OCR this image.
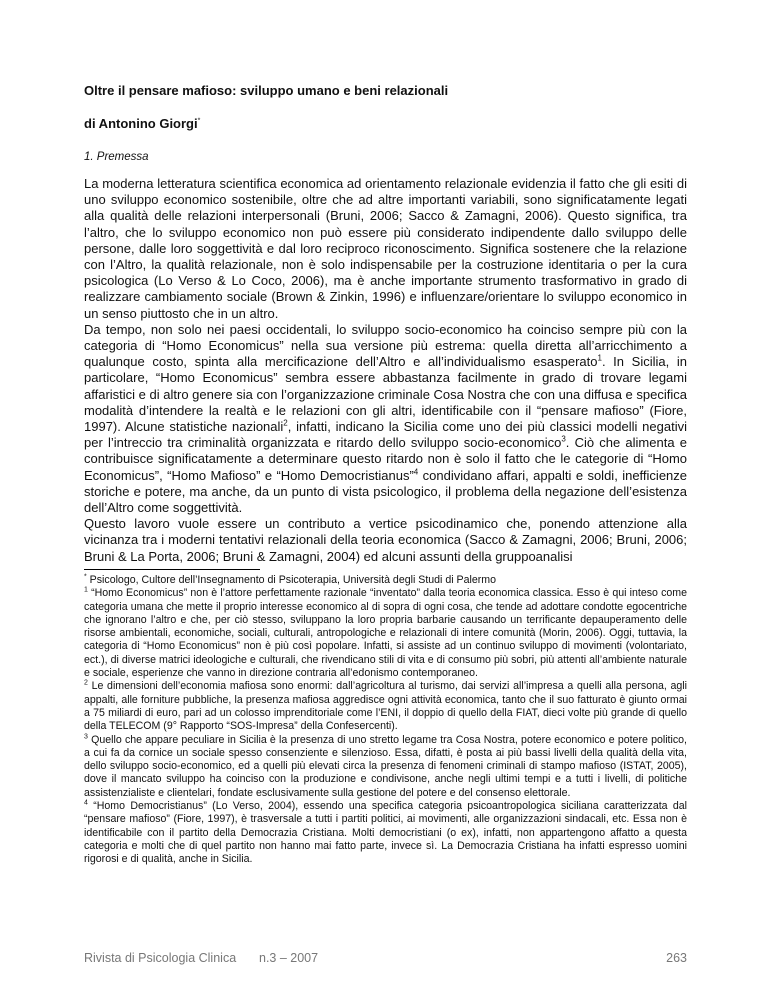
Oltre il pensare mafioso: sviluppo umano e beni relazionali
di Antonino Giorgi*
1. Premessa

La moderna letteratura scientifica economica ad orientamento relazionale evidenzia il fatto che gli esiti di uno sviluppo economico sostenibile, oltre che ad altre importanti variabili, sono significatamente legati alla qualità delle relazioni interpersonali (Bruni, 2006; Sacco & Zamagni, 2006). Questo significa, tra l’altro, che lo sviluppo economico non può essere più considerato indipendente dallo sviluppo delle persone, dalle loro soggettività e dal loro reciproco riconoscimento. Significa sostenere che la relazione con l’Altro, la qualità relazionale, non è solo indispensabile per la costruzione identitaria o per la cura psicologica (Lo Verso & Lo Coco, 2006), ma è anche importante strumento trasformativo in grado di realizzare cambiamento sociale (Brown & Zinkin, 1996) e influenzare/orientare lo sviluppo economico in un senso piuttosto che in un altro.

Da tempo, non solo nei paesi occidentali, lo sviluppo socio-economico ha coinciso sempre più con la categoria di “Homo Economicus” nella sua versione più estrema: quella diretta all’arricchimento a qualunque costo, spinta alla mercificazione dell’Altro e all’individualismo esasperato$^1$. In Sicilia, in particolare, “Homo Economicus” sembra essere abbastanza facilmente in grado di trovare legami affaristici e di altro genere sia con l’organizzazione criminale Cosa Nostra che con una diffusa e specifica modalità d’intendere la realtà e le relazioni con gli altri, identificabile con il “pensare mafioso” (Fiore, 1997). Alcune statistiche nazionali$^2$, infatti, indicano la Sicilia come uno dei più classici modelli negativi per l’intreccio tra criminalità organizzata e ritardo dello sviluppo socio-economico$^3$. Ciò che alimenta e contribuisce significatamente a determinare questo ritardo non è solo il fatto che le categorie di “Homo Economicus”, “Homo Mafioso” e “Homo Democristianus”$^4$ condividano affari, appalti e soldi, inefficienze storiche e potere, ma anche, da un punto di vista psicologico, il problema della negazione dell’esistenza dell’Altro come soggettività.

Questo lavoro vuole essere un contributo a vertice psicodinamico che, ponendo attenzione alla vicinanza tra i moderni tentativi relazionali della teoria economica (Sacco & Zamagni, 2006; Bruni, 2006; Bruni & La Porta, 2006; Bruni & Zamagni, 2004) ed alcuni assunti della gruppoanalisi

* Psicologo, Cultore dell’Insegnamento di Psicoterapia, Università degli Studi di Palermo

$^1$ “Homo Economicus” non è l’attore perfettamente razionale “inventato” dalla teoria economica classica. Esso è qui inteso come categoria umana che mette il proprio interesse economico al di sopra di ogni cosa, che tende ad adottare condotte egocentriche che ignorano l’altro e che, per ciò stesso, sviluppano la loro propria barbarie causando un terrificante depauperamento delle risorse ambientali, economiche, sociali, culturali, antropologiche e relazionali di intere comunità (Morin, 2006). Oggi, tuttavia, la categoria di “Homo Economicus” non è più così popolare. Infatti, si assiste ad un continuo sviluppo di movimenti (volontariato, ect.), di diverse matrici ideologiche e culturali, che rivendicano stili di vita e di consumo più sobri, più attenti all’ambiente naturale e sociale, esperienze che vanno in direzione contraria all’edonismo contemporaneo.

$^2$ Le dimensioni dell’economia mafiosa sono enormi: dall’agricoltura al turismo, dai servizi all’impresa a quelli alla persona, agli appalti, alle forniture pubbliche, la presenza mafiosa aggredisce ogni attività economica, tanto che il suo fatturato è giunto ormai a 75 miliardi di euro, pari ad un colosso imprenditoriale come l’ENI, il doppio di quello della FIAT, dieci volte più grande di quello della TELECOM (9° Rapporto “SOS-Impresa” della Confesercenti).

$^3$ Quello che appare peculiare in Sicilia è la presenza di uno stretto legame tra Cosa Nostra, potere economico e potere politico, a cui fa da cornice un sociale spesso consenziente e silenzioso. Essa, difatti, è posta ai più bassi livelli della qualità della vita, dello sviluppo socio-economico, ed a quelli più elevati circa la presenza di fenomeni criminali di stampo mafioso (ISTAT, 2005), dove il mancato sviluppo ha coinciso con la produzione e condivisone, anche negli ultimi tempi e a tutti i livelli, di politiche assistenzialiste e clientelari, fondate esclusivamente sulla gestione del potere e del consenso elettorale.

$^4$ “Homo Democristianus” (Lo Verso, 2004), essendo una specifica categoria psicoantropologica siciliana caratterizzata dal “pensare mafioso” (Fiore, 1997), è trasversale a tutti i partiti politici, ai movimenti, alle organizzazioni sindacali, etc. Essa non è identificabile con il partito della Democrazia Cristiana. Molti democristiani (o ex), infatti, non appartengono affatto a questa categoria e molti che di quel partito non hanno mai fatto parte, invece sì. La Democrazia Cristiana ha infatti espresso uomini rigorosi e di qualità, anche in Sicilia.

Rivista di Psicologia Clinica n.3 – 2007	263
